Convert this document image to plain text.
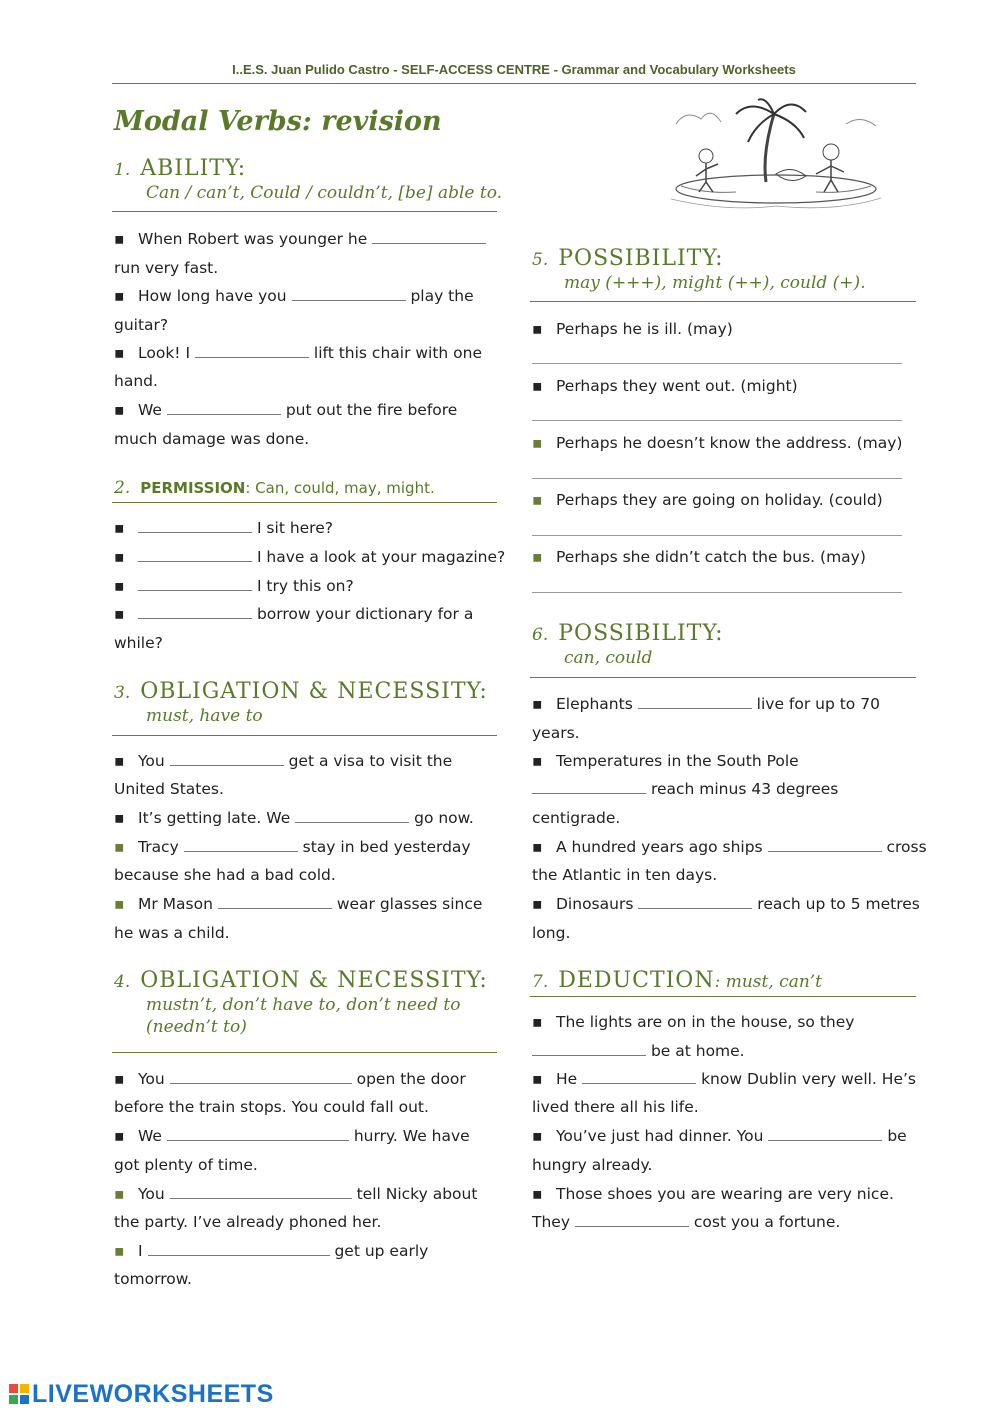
I..E.S. Juan Pulido Castro - SELF-ACCESS CENTRE - Grammar and Vocabulary Worksheets
Modal Verbs: revision
1. ABILITY:
Can / can’t, Could / couldn’t, [be] able to.
▪ When Robert was younger he
run very fast.
▪ How long have you	play the
guitar?
▪ Look! I	lift this chair with one
hand.
▪ We	put out the fire before
much damage was done.
2. PERMISSION: Can, could, may, might.
▪	I sit here?
▪	I have a look at your magazine?
▪	I try this on?
▪	borrow your dictionary for a
while?
3. OBLIGATION & NECESSITY:
must, have to
▪ You	get a visa to visit the
United States.
▪ It’s getting late. We	go now.
▪ Tracy	stay in bed yesterday
because she had a bad cold.
▪ Mr Mason	wear glasses since
he was a child.
4. OBLIGATION & NECESSITY:
mustn’t, don’t have to, don’t need to
(needn’t to)
▪ You	open the door
before the train stops. You could fall out.
▪ We	hurry. We have
got plenty of time.
▪ You	tell Nicky about
the party. I’ve already phoned her.
▪ I	get up early
tomorrow.
5. POSSIBILITY:
may (+++), might (++), could (+).
▪ Perhaps he is ill. (may)
▪ Perhaps they went out. (might)
▪ Perhaps he doesn’t know the address. (may)
▪ Perhaps they are going on holiday. (could)
▪ Perhaps she didn’t catch the bus. (may)
6. POSSIBILITY:
can, could
▪ Elephants	live for up to 70
years.
▪ Temperatures in the South Pole
reach minus 43 degrees
centigrade.
▪ A hundred years ago ships	cross
the Atlantic in ten days.
▪ Dinosaurs	reach up to 5 metres
long.
7. DEDUCTION: must, can’t
▪ The lights are on in the house, so they
be at home.
▪ He	know Dublin very well. He’s
lived there all his life.
▪ You’ve just had dinner. You	be
hungry already.
▪ Those shoes you are wearing are very nice.
They	cost you a fortune.
LIVEWORKSHEETS
